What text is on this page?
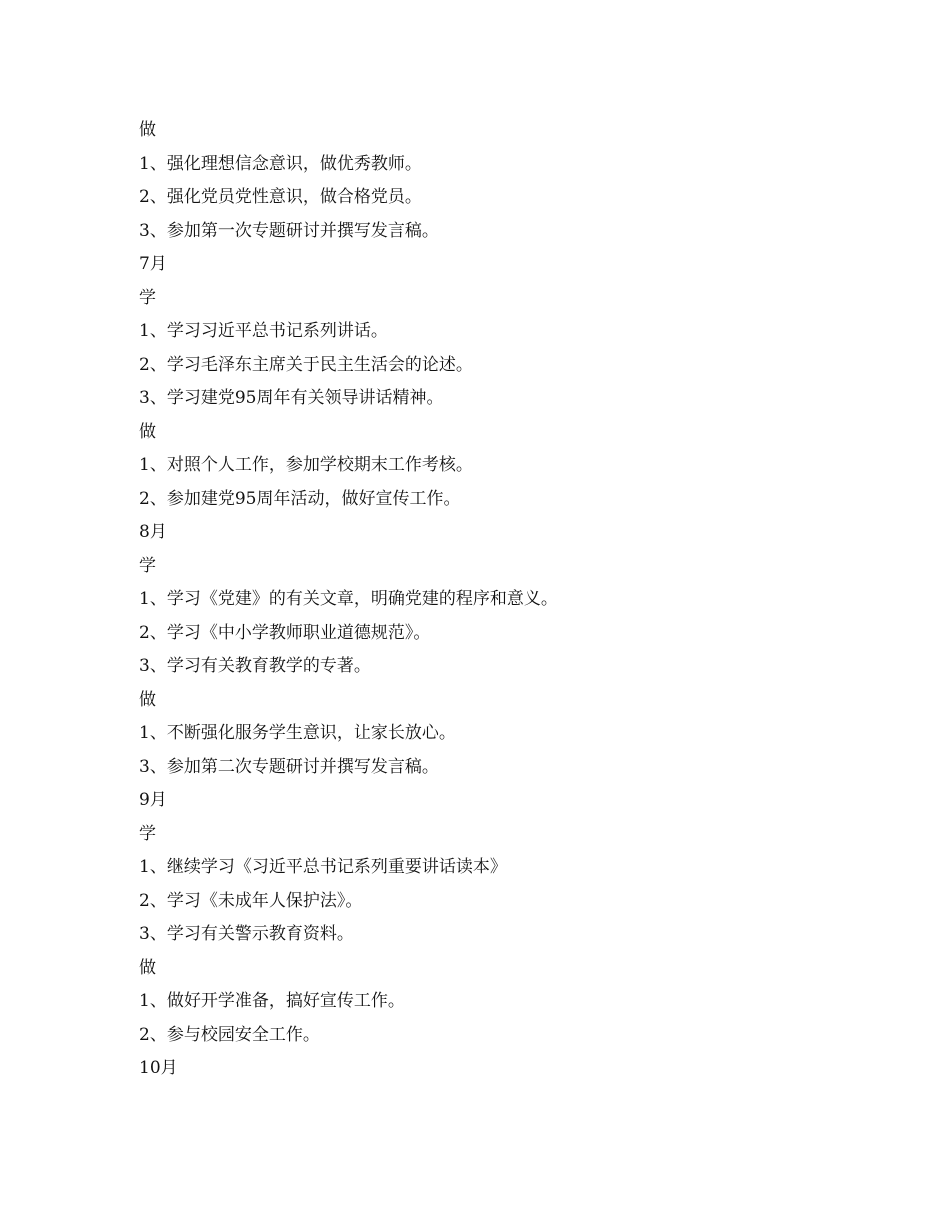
做
1、强化理想信念意识，做优秀教师。
2、强化党员党性意识，做合格党员。
3、参加第一次专题研讨并撰写发言稿。
7月
学
1、学习习近平总书记系列讲话。
2、学习毛泽东主席关于民主生活会的论述。
3、学习建党95周年有关领导讲话精神。
做
1、对照个人工作，参加学校期末工作考核。
2、参加建党95周年活动，做好宣传工作。
8月
学
1、学习《党建》的有关文章，明确党建的程序和意义。
2、学习《中小学教师职业道德规范》。
3、学习有关教育教学的专著。
做
1、不断强化服务学生意识，让家长放心。
3、参加第二次专题研讨并撰写发言稿。
9月
学
1、继续学习《习近平总书记系列重要讲话读本》
2、学习《未成年人保护法》。
3、学习有关警示教育资料。
做
1、做好开学准备，搞好宣传工作。
2、参与校园安全工作。
10月
